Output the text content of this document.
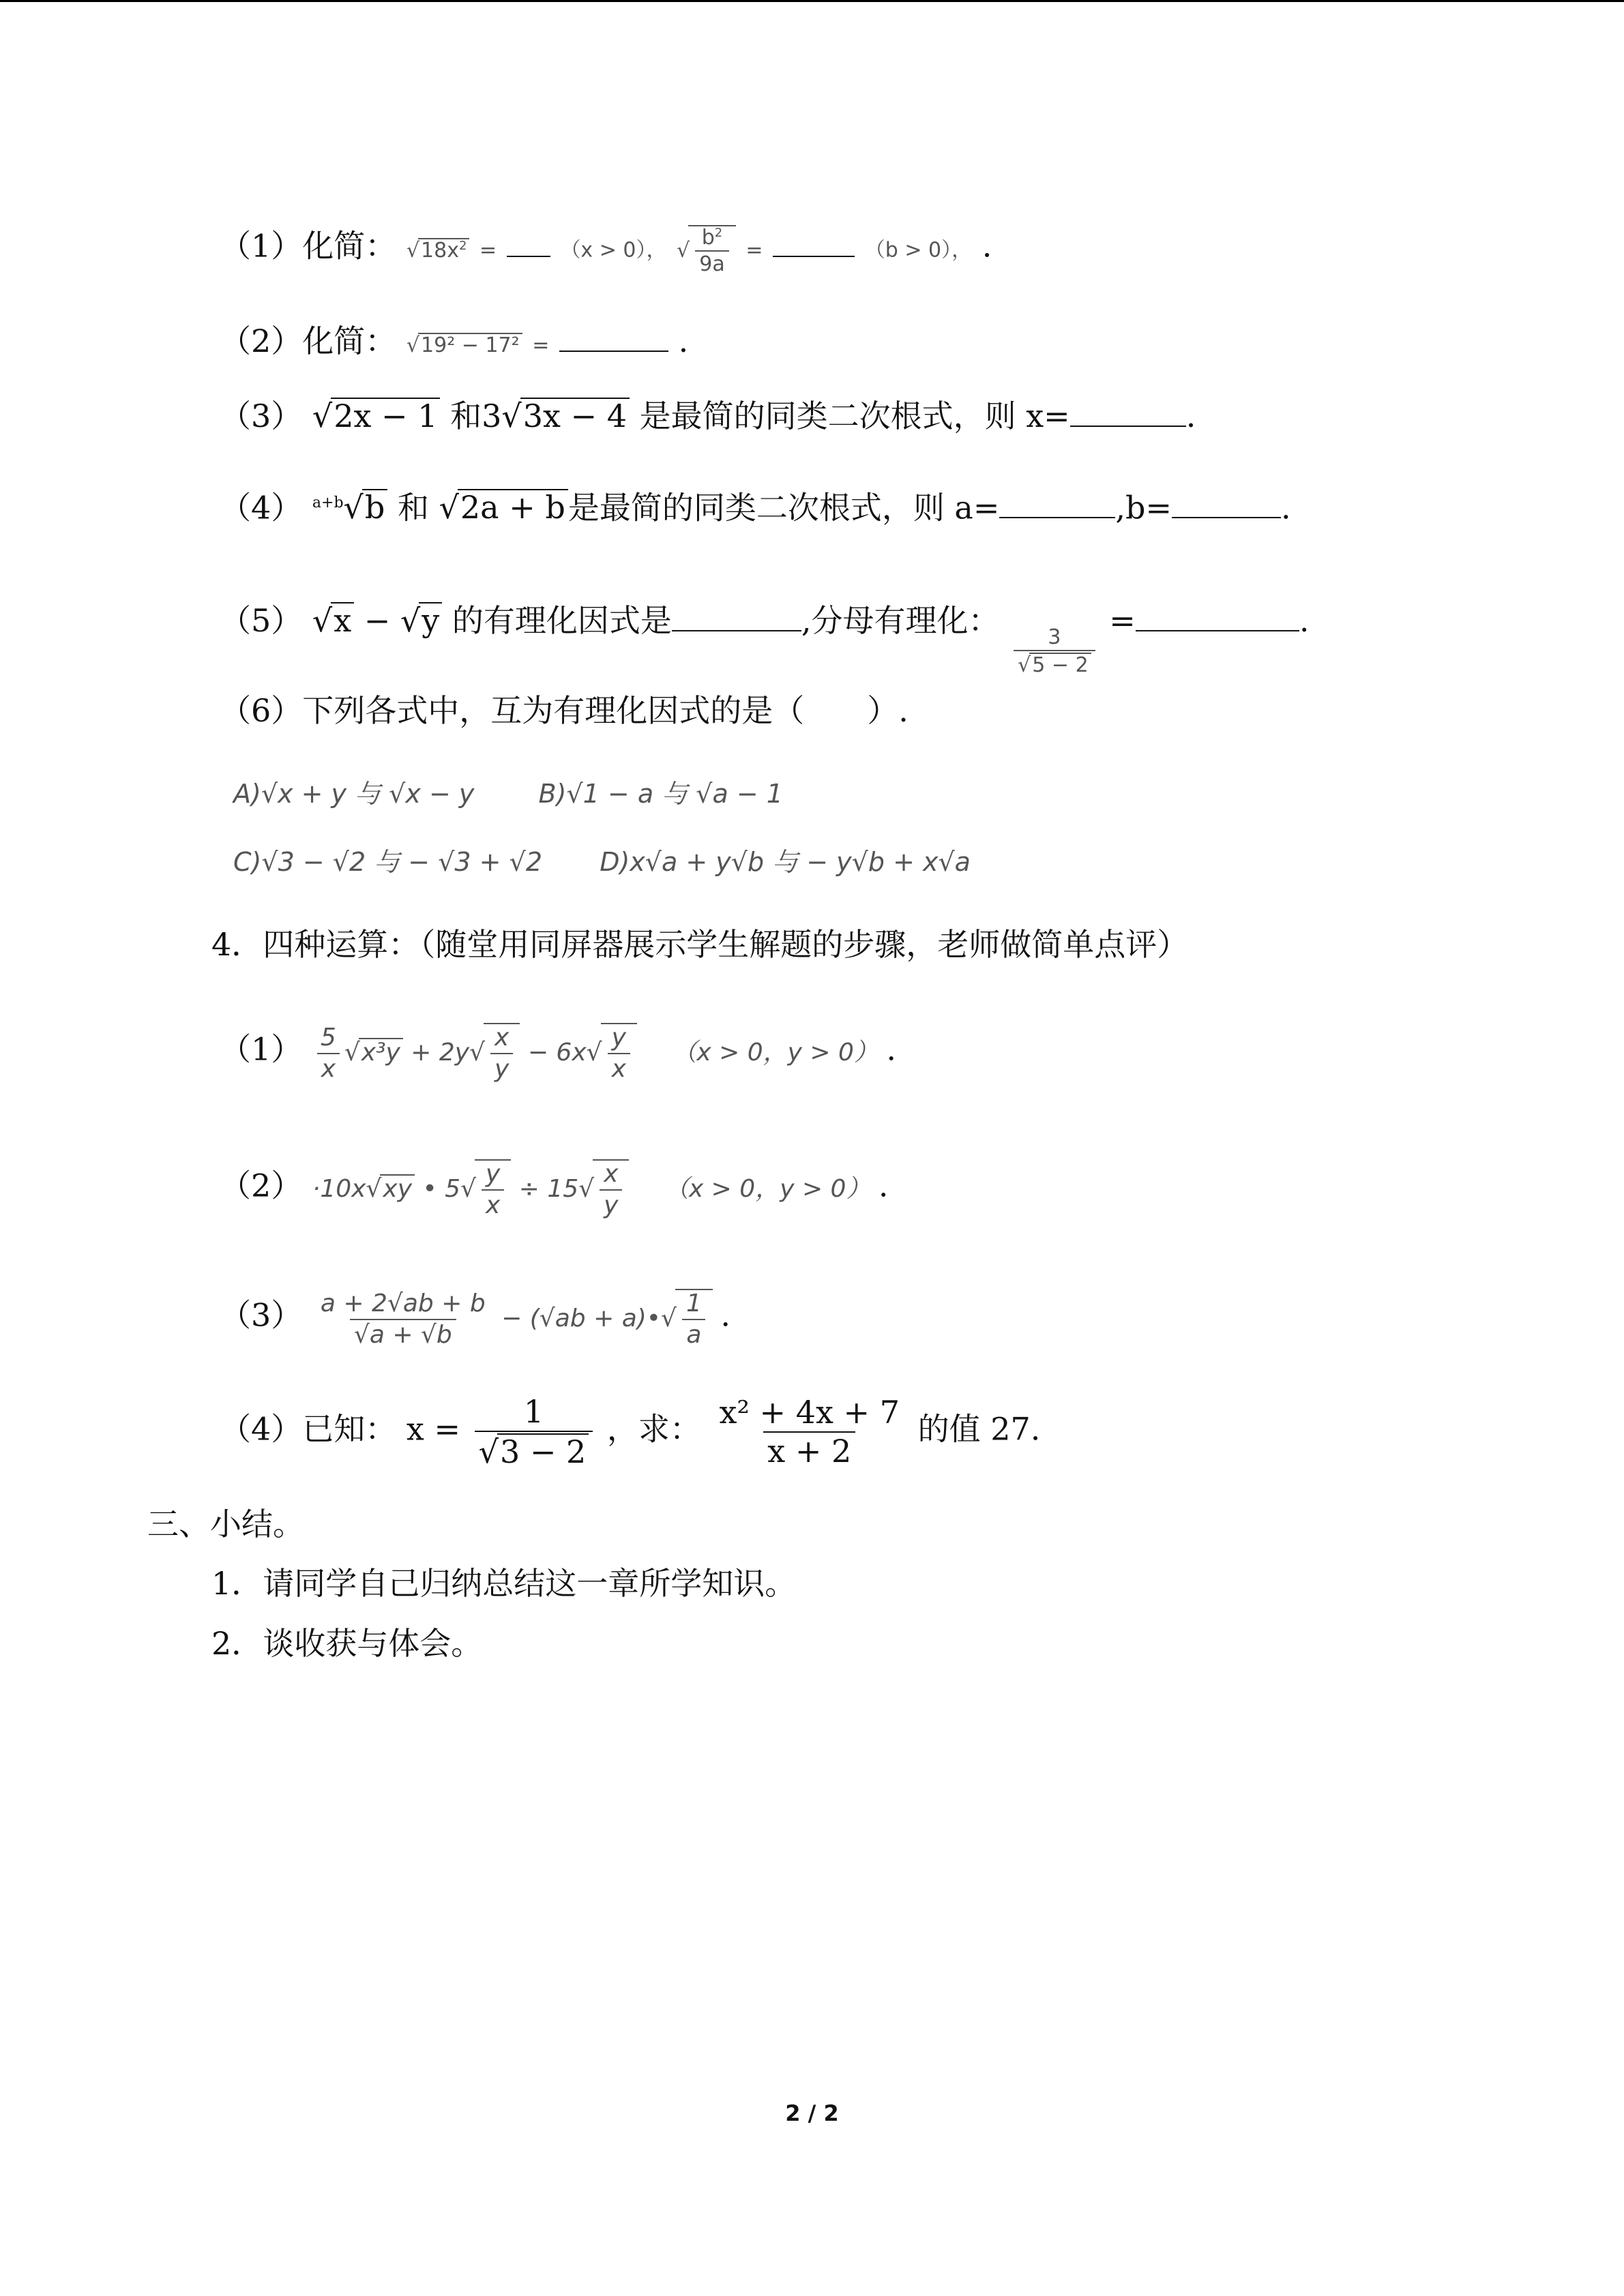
（1）化简： $√18x^2$ =	（x > 0）， √ $\frac{b^2}{9a}$ =	（b > 0）， .
（2）化简： √19² − 17² =	.
（3） √2x − 1 和3√3x − 4 是最简的同类二次根式，则 x=	.
（4） $^{a+b}$√b 和 √2a + b是最简的同类二次根式，则 a=	,b=	.
（5） √x − √y 的有理化因式是	,分母有理化：
$\frac{3}{√5 - 2}$
=	.
（6）下列各式中，互为有理化因式的是（　　）.
A)√x + y 与 √x − y B)√1 − a 与 √a − 1
C)√3 − √2 与 − √3 + √2 D)x√a + y√b 与 − y√b + x√a
4．四种运算：（随堂用同屏器展示学生解题的步骤，老师做简单点评）
$(1) \frac{5}{x} √x^3y + 2y√ \frac{x}{y} - 6x√ \frac{y}{x} (x > 0$，y > 0） .
（2） ·10x√xy • $5√ \frac{y}{x} \div 15√ \frac{x}{y} (x > 0$，y > 0） .
$(3) \frac{a + 2√ab + b}{√a + √b} - (√ab$ + a)•√ $\frac{1}{a}$ .
（4）已知： $x = \frac{1}{√3 - 2}$ ，求： $\frac{\text{x² + 4x + 7}}{x + 2}$ 的值 27.
三、小结。
1．请同学自己归纳总结这一章所学知识。
2．谈收获与体会。
2 / 2
